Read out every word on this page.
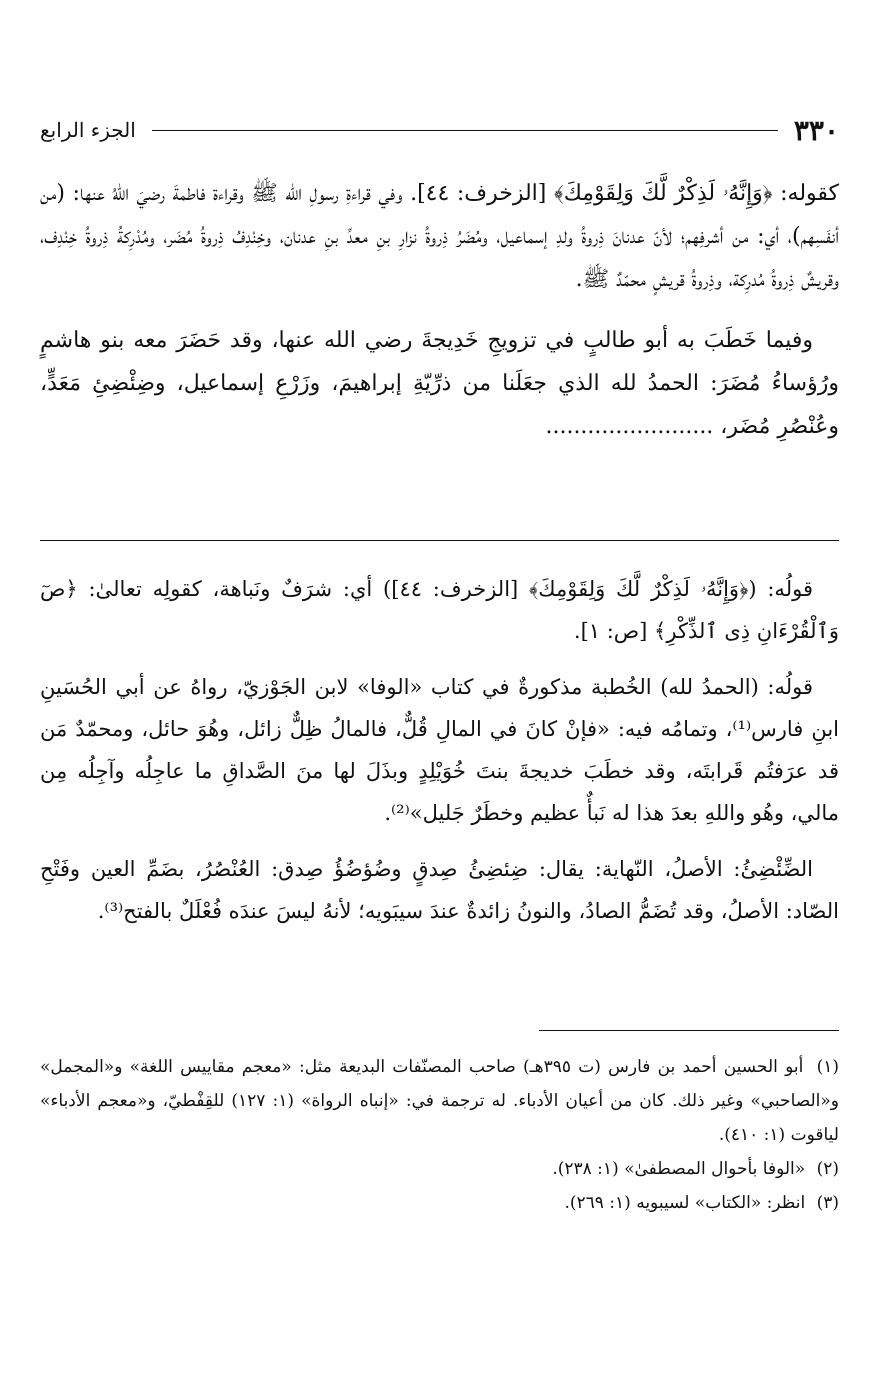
٣٣٠
الجزء الرابع

كقوله: ﴿وَإِنَّهُۥ لَذِكْرٌ لَّكَ وَلِقَوْمِكَ﴾ [الزخرف: ٤٤]. وفي قراءةِ رسولِ الله ﷺ وقراءة فاطمةَ رضيَ اللهُ عنها: (من أنفَسِهم)، أي: من أشرفِهم؛ لأنّ عدنانَ ذِروةُ ولدِ إسماعيل، ومُضَرُ ذِروةُ نزارِ بنِ معدِّ بنِ عدنان، وخِنْدِفُ ذِروةُ مُضَر، ومُدْرِكةُ ذِروةُ خِنْدِف، وقريشٌ ذِروةُ مُدرِكة، وذِروةُ قريشٍ محمّدٌ ﷺ.

وفيما خَطَبَ به أبو طالبٍ في تزويجِ خَدِيجةَ رضي الله عنها، وقد حَضَرَ معه بنو هاشمٍ ورُؤساءُ مُضَرَ: الحمدُ لله الذي جعَلَنا من ذرِّيّةِ إبراهيمَ، وزَرْعِ إسماعيل، وضِئْضِئِ مَعَدٍّ، وعُنْصُرِ مُضَر، ........................

قولُه: (﴿وَإِنَّهُۥ لَذِكْرٌ لَّكَ وَلِقَوْمِكَ﴾ [الزخرف: ٤٤]) أي: شرَفٌ ونَباهة، كقولِه تعالىٰ: ﴿صٓ وَٱلْقُرْءَانِ ذِى ٱلذِّكْرِ﴾ [ص: ١].

قولُه: (الحمدُ لله) الخُطبة مذكورةٌ في كتاب «الوفا» لابن الجَوْزيّ، رواهُ عن أبي الحُسَينِ ابنِ فارس⁽¹⁾، وتمامُه فيه: «فإنْ كانَ في المالِ قُلٌّ، فالمالُ ظِلٌّ زائل، وهُوَ حائل، ومحمّدٌ مَن قد عرَفتُم قَرابتَه، وقد خطَبَ خديجةَ بنتَ خُوَيْلِدٍ وبذَلَ لها منَ الصَّداقِ ما عاجِلُه وآجِلُه مِن مالي، وهُو واللهِ بعدَ هذا له نَبأٌ عظيم وخطَرٌ جَليل»⁽²⁾.

الضِّئْضِئُ: الأصلُ، النّهاية: يقال: ضِئضِئُ صِدقٍ وضُؤضُؤُ صِدق: العُنْصُرُ، بضَمِّ العين وفَتْحِ الصّاد: الأصلُ، وقد تُضَمُّ الصادُ، والنونُ زائدةٌ عندَ سيبَويه؛ لأنهُ ليسَ عندَه فُعْلَلٌ بالفتح⁽³⁾.

(١) أبو الحسين أحمد بن فارس (ت ٣٩٥هـ) صاحب المصنّفات البديعة مثل: «معجم مقاييس اللغة» و«المجمل» و«الصاحبي» وغير ذلك. كان من أعيان الأدباء. له ترجمة في: «إنباه الرواة» (١: ١٢٧) للقِفْطيّ، و«معجم الأدباء» لياقوت (١: ٤١٠).

(٢) «الوفا بأحوال المصطفىٰ» (١: ٢٣٨).

(٣) انظر: «الكتاب» لسيبويه (١: ٢٦٩).
